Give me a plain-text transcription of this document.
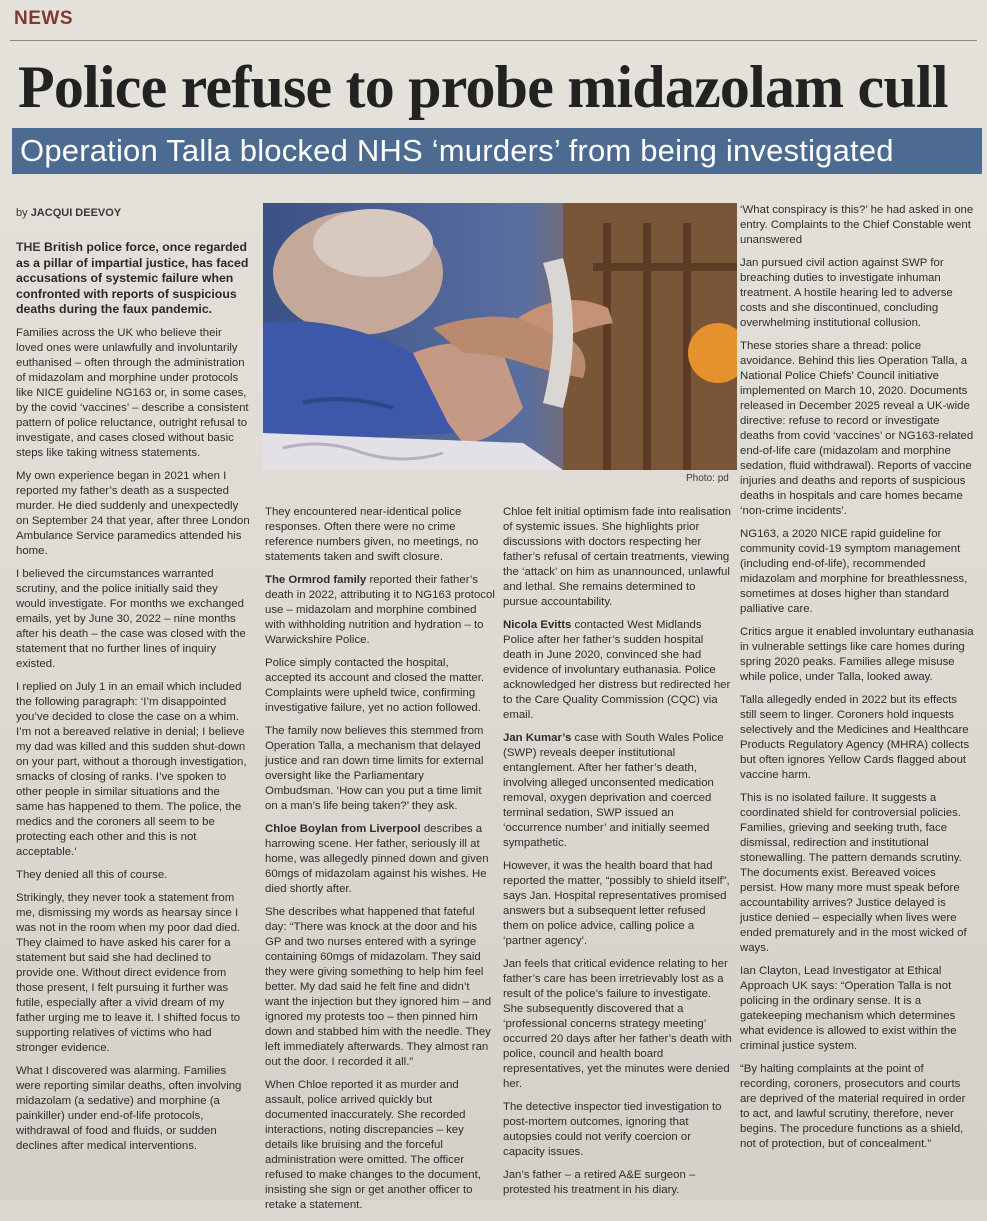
NEWS
Police refuse to probe midazolam cull
Operation Talla blocked NHS ‘murders’ from being investigated
by JACQUI DEEVOY

THE British police force, once regarded as a pillar of impartial justice, has faced accusations of systemic failure when confronted with reports of suspicious deaths during the faux pandemic.

Families across the UK who believe their loved ones were unlawfully and involuntarily euthanised – often through the administration of midazolam and morphine under protocols like NICE guideline NG163 or, in some cases, by the covid ‘vaccines’ – describe a consistent pattern of police reluctance, outright refusal to investigate, and cases closed without basic steps like taking witness statements.

My own experience began in 2021 when I reported my father’s death as a suspected murder. He died suddenly and unexpectedly on September 24 that year, after three London Ambulance Service paramedics attended his home.

I believed the circumstances warranted scrutiny, and the police initially said they would investigate. For months we exchanged emails, yet by June 30, 2022 – nine months after his death – the case was closed with the statement that no further lines of inquiry existed.

I replied on July 1 in an email which included the following paragraph: ‘I’m disappointed you’ve decided to close the case on a whim. I’m not a bereaved relative in denial; I believe my dad was killed and this sudden shut-down on your part, without a thorough investigation, smacks of closing of ranks. I’ve spoken to other people in similar situations and the same has happened to them. The police, the medics and the coroners all seem to be protecting each other and this is not acceptable.’

They denied all this of course.

Strikingly, they never took a statement from me, dismissing my words as hearsay since I was not in the room when my poor dad died. They claimed to have asked his carer for a statement but said she had declined to provide one. Without direct evidence from those present, I felt pursuing it further was futile, especially after a vivid dream of my father urging me to leave it. I shifted focus to supporting relatives of victims who had stronger evidence.

What I discovered was alarming. Families were reporting similar deaths, often involving midazolam (a sedative) and morphine (a painkiller) under end-of-life protocols, withdrawal of food and fluids, or sudden declines after medical interventions.

Photo: pd

They encountered near-identical police responses. Often there were no crime reference numbers given, no meetings, no statements taken and swift closure.

The Ormrod family reported their father’s death in 2022, attributing it to NG163 protocol use – midazolam and morphine combined with withholding nutrition and hydration – to Warwickshire Police.

Police simply contacted the hospital, accepted its account and closed the matter. Complaints were upheld twice, confirming investigative failure, yet no action followed.

The family now believes this stemmed from Operation Talla, a mechanism that delayed justice and ran down time limits for external oversight like the Parliamentary Ombudsman. ‘How can you put a time limit on a man’s life being taken?’ they ask.

Chloe Boylan from Liverpool describes a harrowing scene. Her father, seriously ill at home, was allegedly pinned down and given 60mgs of midazolam against his wishes. He died shortly after.

She describes what happened that fateful day: “There was knock at the door and his GP and two nurses entered with a syringe containing 60mgs of midazolam. They said they were giving something to help him feel better. My dad said he felt fine and didn’t want the injection but they ignored him – and ignored my protests too – then pinned him down and stabbed him with the needle. They left immediately afterwards. They almost ran out the door. I recorded it all.”

When Chloe reported it as murder and assault, police arrived quickly but documented inaccurately. She recorded interactions, noting discrepancies – key details like bruising and the forceful administration were omitted. The officer refused to make changes to the document, insisting she sign or get another officer to retake a statement.

Chloe felt initial optimism fade into realisation of systemic issues. She highlights prior discussions with doctors respecting her father’s refusal of certain treatments, viewing the ‘attack’ on him as unannounced, unlawful and lethal. She remains determined to pursue accountability.

Nicola Evitts contacted West Midlands Police after her father’s sudden hospital death in June 2020, convinced she had evidence of involuntary euthanasia. Police acknowledged her distress but redirected her to the Care Quality Commission (CQC) via email.

Jan Kumar’s case with South Wales Police (SWP) reveals deeper institutional entanglement. After her father’s death, involving alleged unconsented medication removal, oxygen deprivation and coerced terminal sedation, SWP issued an ‘occurrence number’ and initially seemed sympathetic.

However, it was the health board that had reported the matter, “possibly to shield itself”, says Jan. Hospital representatives promised answers but a subsequent letter refused them on police advice, calling police a ‘partner agency’.

Jan feels that critical evidence relating to her father’s care has been irretrievably lost as a result of the police’s failure to investigate. She subsequently discovered that a ‘professional concerns strategy meeting’ occurred 20 days after her father’s death with police, council and health board representatives, yet the minutes were denied her.

The detective inspector tied investigation to post-mortem outcomes, ignoring that autopsies could not verify coercion or capacity issues.

Jan’s father – a retired A&E surgeon – protested his treatment in his diary.

‘What conspiracy is this?’ he had asked in one entry. Complaints to the Chief Constable went unanswered

Jan pursued civil action against SWP for breaching duties to investigate inhuman treatment. A hostile hearing led to adverse costs and she discontinued, concluding overwhelming institutional collusion.

These stories share a thread: police avoidance. Behind this lies Operation Talla, a National Police Chiefs’ Council initiative implemented on March 10, 2020. Documents released in December 2025 reveal a UK-wide directive: refuse to record or investigate deaths from covid ‘vaccines’ or NG163-related end-of-life care (midazolam and morphine sedation, fluid withdrawal). Reports of vaccine injuries and deaths and reports of suspicious deaths in hospitals and care homes became ‘non-crime incidents’.

NG163, a 2020 NICE rapid guideline for community covid-19 symptom management (including end-of-life), recommended midazolam and morphine for breathlessness, sometimes at doses higher than standard palliative care.

Critics argue it enabled involuntary euthanasia in vulnerable settings like care homes during spring 2020 peaks. Families allege misuse while police, under Talla, looked away.

Talla allegedly ended in 2022 but its effects still seem to linger. Coroners hold inquests selectively and the Medicines and Healthcare Products Regulatory Agency (MHRA) collects but often ignores Yellow Cards flagged about vaccine harm.

This is no isolated failure. It suggests a coordinated shield for controversial policies. Families, grieving and seeking truth, face dismissal, redirection and institutional stonewalling. The pattern demands scrutiny. The documents exist. Bereaved voices persist. How many more must speak before accountability arrives? Justice delayed is justice denied – especially when lives were ended prematurely and in the most wicked of ways.

Ian Clayton, Lead Investigator at Ethical Approach UK says: “Operation Talla is not policing in the ordinary sense. It is a gatekeeping mechanism which determines what evidence is allowed to exist within the criminal justice system.

“By halting complaints at the point of recording, coroners, prosecutors and courts are deprived of the material required in order to act, and lawful scrutiny, therefore, never begins. The procedure functions as a shield, not of protection, but of concealment.”
